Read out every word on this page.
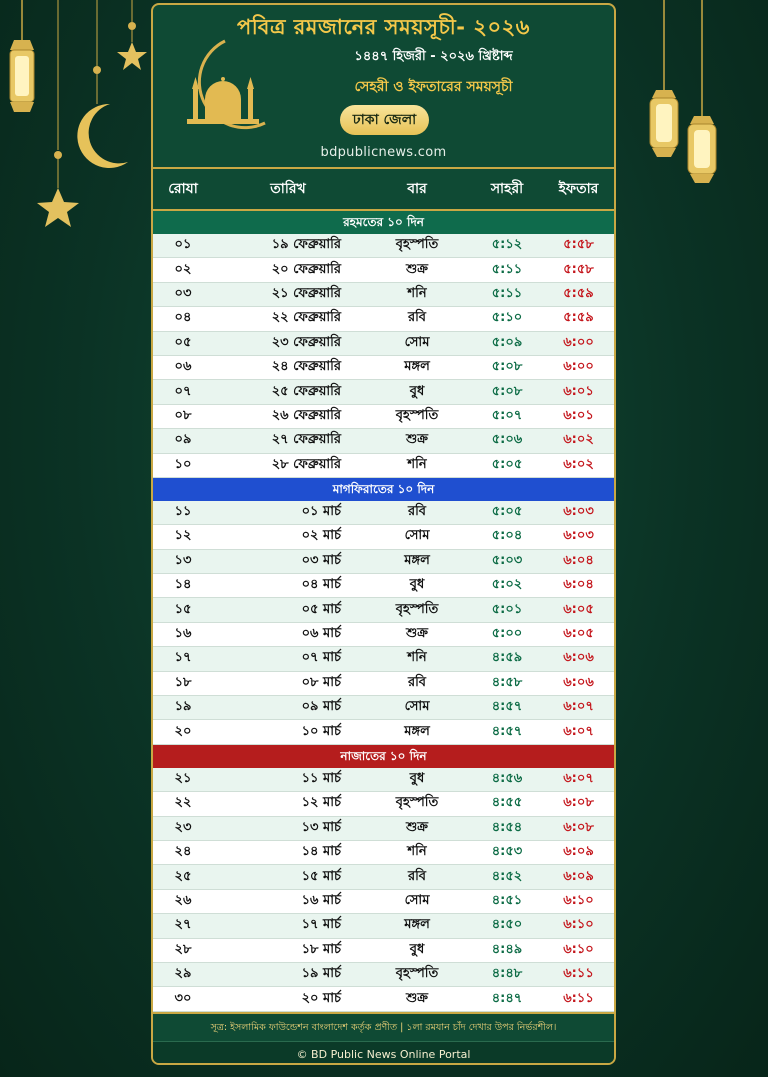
পবিত্র রমজানের সময়সূচী- ২০২৬
১৪৪৭ হিজরী - ২০২৬ খ্রিষ্টাব্দ
সেহরী ও ইফতারের সময়সূচী
ঢাকা জেলা
bdpublicnews.com
রোযা	তারিখ	বার	সাহরী	ইফতার
রহমতের ১০ দিন
০১	১৯ ফেব্রুয়ারি	বৃহস্পতি	৫:১২	৫:৫৮
০২	২০ ফেব্রুয়ারি	শুক্র	৫:১১	৫:৫৮
০৩	২১ ফেব্রুয়ারি	শনি	৫:১১	৫:৫৯
০৪	২২ ফেব্রুয়ারি	রবি	৫:১০	৫:৫৯
০৫	২৩ ফেব্রুয়ারি	সোম	৫:০৯	৬:০০
০৬	২৪ ফেব্রুয়ারি	মঙ্গল	৫:০৮	৬:০০
০৭	২৫ ফেব্রুয়ারি	বুধ	৫:০৮	৬:০১
০৮	২৬ ফেব্রুয়ারি	বৃহস্পতি	৫:০৭	৬:০১
০৯	২৭ ফেব্রুয়ারি	শুক্র	৫:০৬	৬:০২
১০	২৮ ফেব্রুয়ারি	শনি	৫:০৫	৬:০২
মাগফিরাতের ১০ দিন
১১	০১ মার্চ	রবি	৫:০৫	৬:০৩
১২	০২ মার্চ	সোম	৫:০৪	৬:০৩
১৩	০৩ মার্চ	মঙ্গল	৫:০৩	৬:০৪
১৪	০৪ মার্চ	বুধ	৫:০২	৬:০৪
১৫	০৫ মার্চ	বৃহস্পতি	৫:০১	৬:০৫
১৬	০৬ মার্চ	শুক্র	৫:০০	৬:০৫
১৭	০৭ মার্চ	শনি	৪:৫৯	৬:০৬
১৮	০৮ মার্চ	রবি	৪:৫৮	৬:০৬
১৯	০৯ মার্চ	সোম	৪:৫৭	৬:০৭
২০	১০ মার্চ	মঙ্গল	৪:৫৭	৬:০৭
নাজাতের ১০ দিন
২১	১১ মার্চ	বুধ	৪:৫৬	৬:০৭
২২	১২ মার্চ	বৃহস্পতি	৪:৫৫	৬:০৮
২৩	১৩ মার্চ	শুক্র	৪:৫৪	৬:০৮
২৪	১৪ মার্চ	শনি	৪:৫৩	৬:০৯
২৫	১৫ মার্চ	রবি	৪:৫২	৬:০৯
২৬	১৬ মার্চ	সোম	৪:৫১	৬:১০
২৭	১৭ মার্চ	মঙ্গল	৪:৫০	৬:১০
২৮	১৮ মার্চ	বুধ	৪:৪৯	৬:১০
২৯	১৯ মার্চ	বৃহস্পতি	৪:৪৮	৬:১১
৩০	২০ মার্চ	শুক্র	৪:৪৭	৬:১১
সূত্র: ইসলামিক ফাউন্ডেশন বাংলাদেশ কর্তৃক প্রণীত | ১লা রমযান চাঁদ দেখার উপর নির্ভরশীল।
© BD Public News Online Portal
